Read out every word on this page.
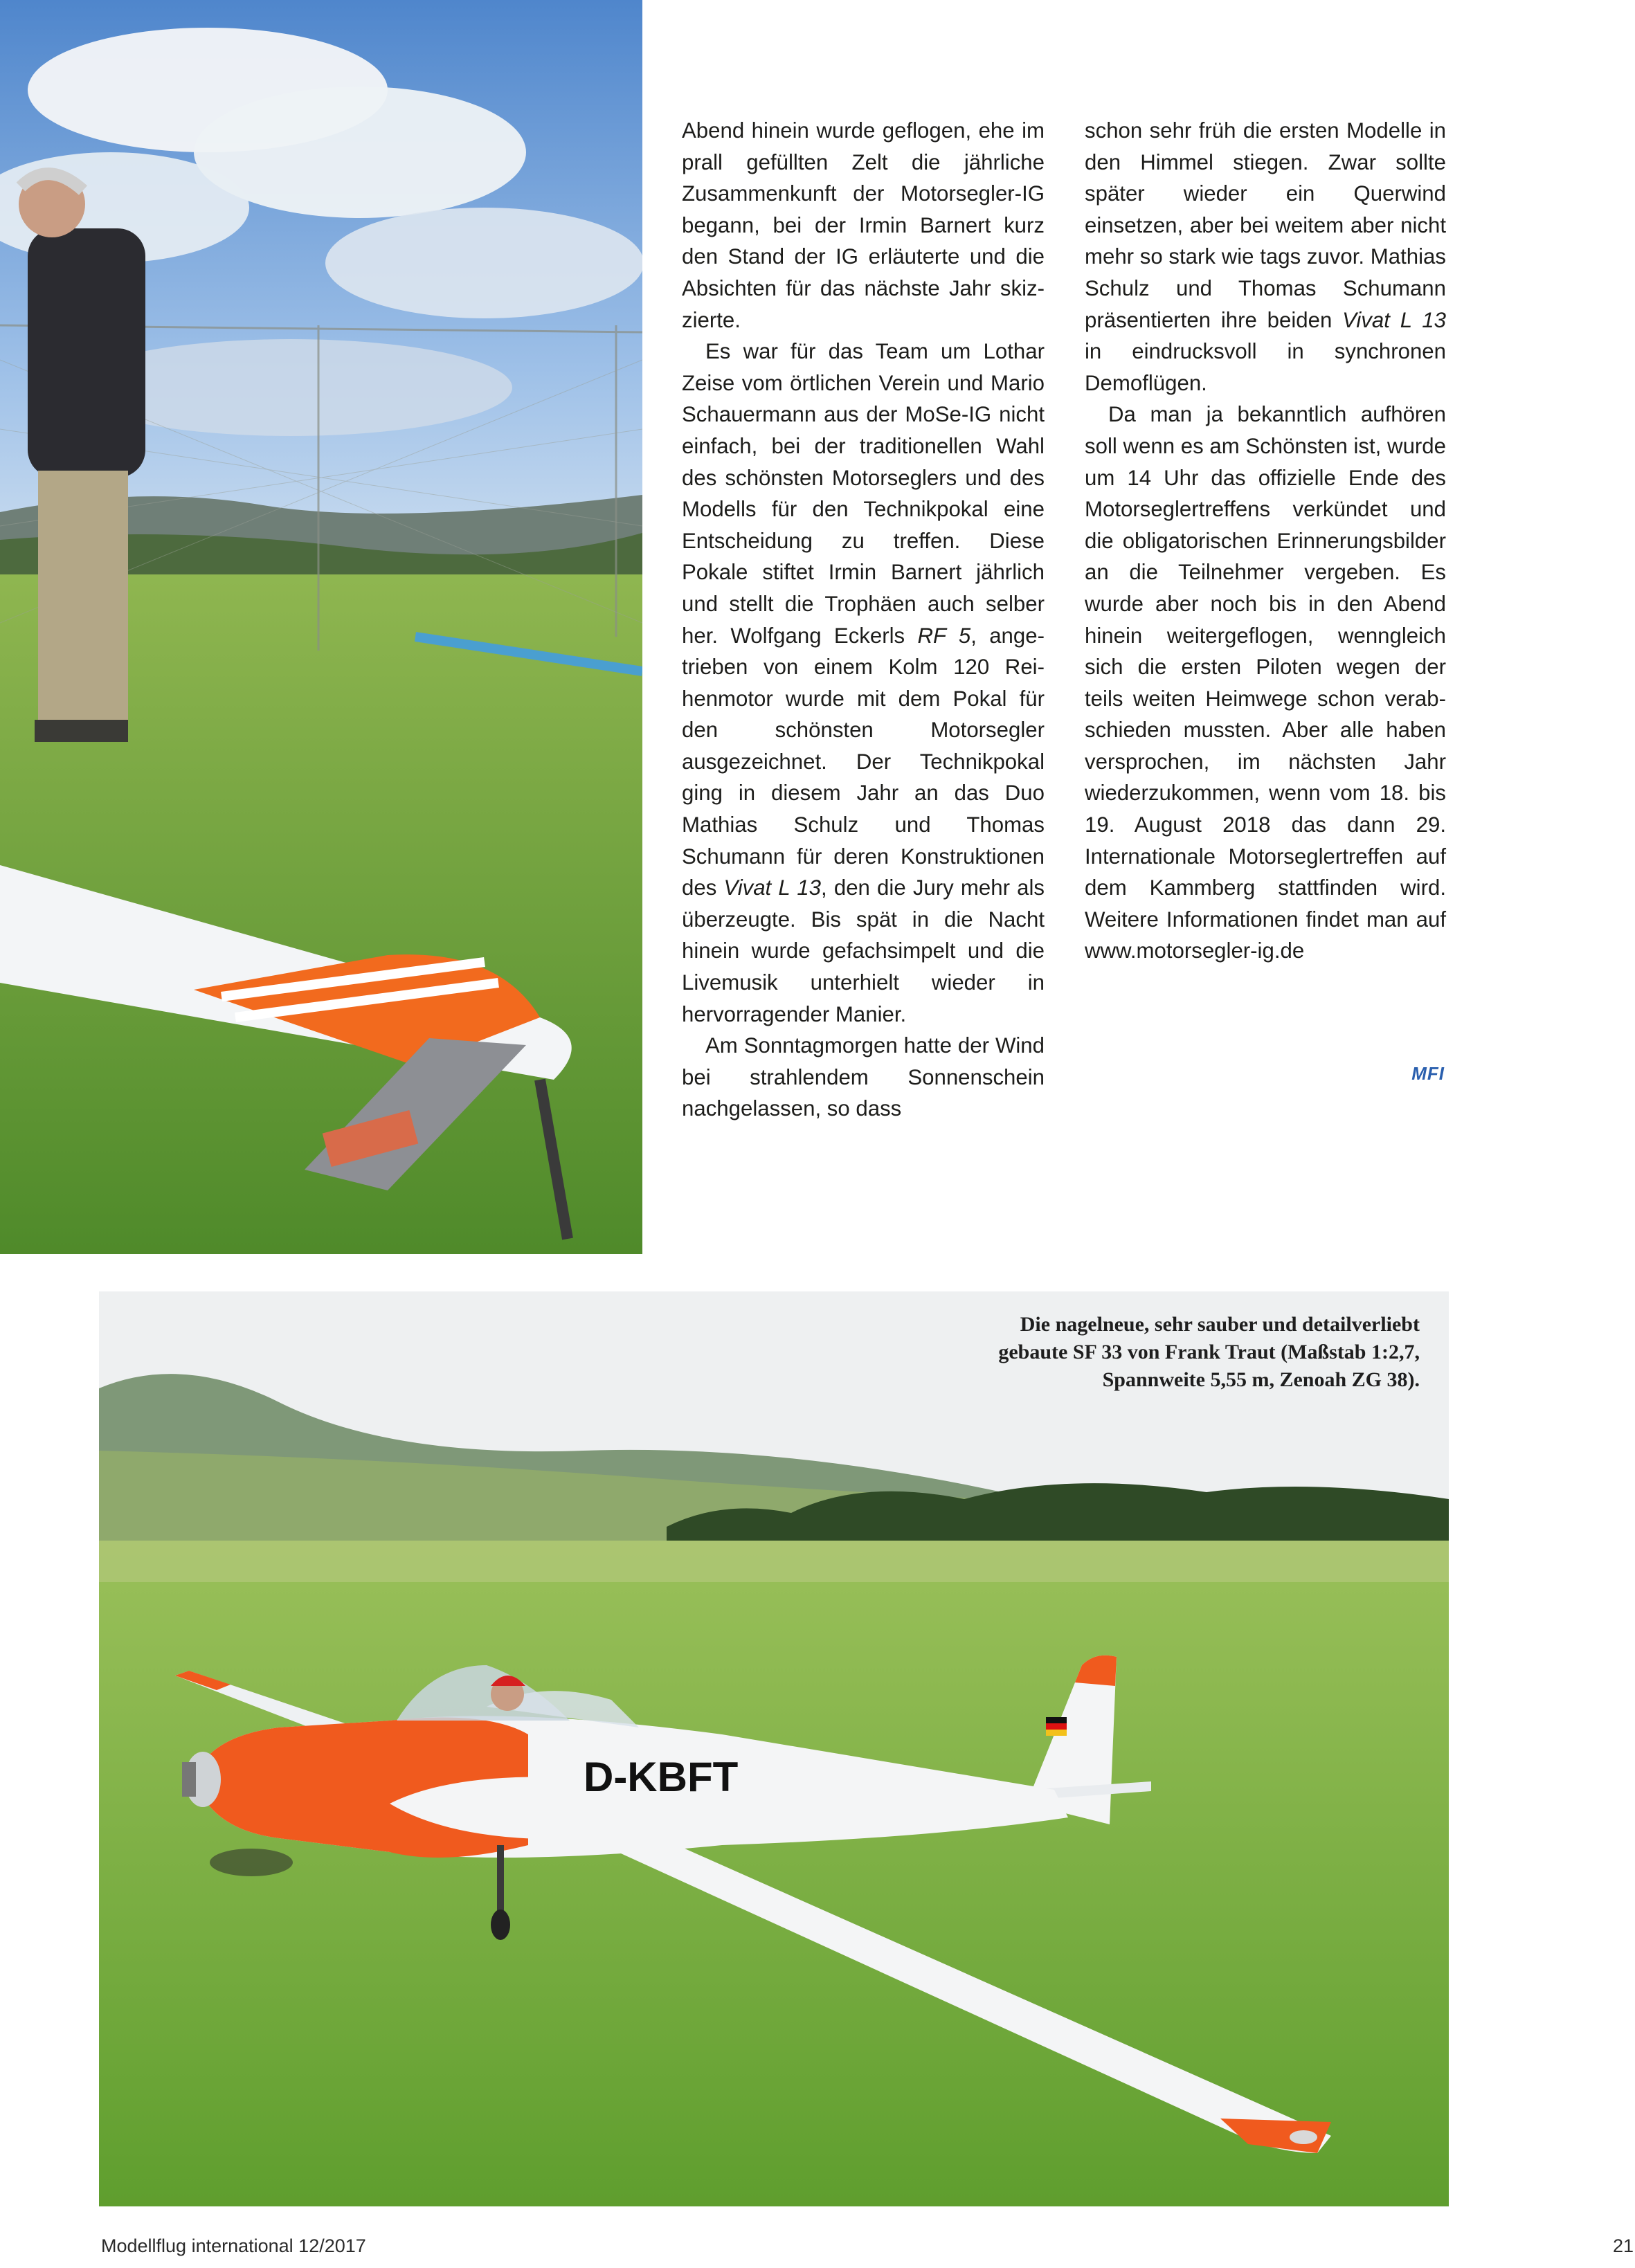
Abend hinein wurde geflogen, ehe im prall gefüllten Zelt die jährliche Zusammenkunft der Motorsegler-IG begann, bei der Irmin Barnert kurz den Stand der IG erläuterte und die Absichten für das nächste Jahr skizzierte.

Es war für das Team um Lothar Zeise vom örtlichen Verein und Mario Schauermann aus der MoSe-IG nicht einfach, bei der traditionellen Wahl des schönsten Motorseglers und des Modells für den Technikpokal eine Entscheidung zu treffen. Diese Pokale stiftet Irmin Barnert jährlich und stellt die Trophäen auch selber her. Wolfgang Eckerls RF 5, angetrieben von einem Kolm 120 Reihenmotor wurde mit dem Pokal für den schönsten Motorsegler ausgezeichnet. Der Technikpokal ging in diesem Jahr an das Duo Mathias Schulz und Thomas Schumann für deren Konstruktionen des Vivat L 13, den die Jury mehr als überzeugte. Bis spät in die Nacht hinein wurde gefachsimpelt und die Livemusik unterhielt wieder in hervorragender Manier.

Am Sonntagmorgen hatte der Wind bei strahlendem Sonnenschein nachgelassen, so dass

schon sehr früh die ersten Modelle in den Himmel stiegen. Zwar sollte später wieder ein Querwind einsetzen, aber bei weitem aber nicht mehr so stark wie tags zuvor. Mathias Schulz und Thomas Schumann präsentierten ihre beiden Vivat L 13 in eindrucksvoll in synchronen Demoflügen.

Da man ja bekanntlich aufhören soll wenn es am Schönsten ist, wurde um 14 Uhr das offizielle Ende des Motorseglertreffens verkündet und die obligatorischen Erinnerungsbilder an die Teilnehmer vergeben. Es wurde aber noch bis in den Abend hinein weitergeflogen, wenngleich sich die ersten Piloten wegen der teils weiten Heimwege schon verabschieden mussten. Aber alle haben versprochen, im nächsten Jahr wiederzukommen, wenn vom 18. bis 19. August 2018 das dann 29. Internationale Motorseglertreffen auf dem Kammberg stattfinden wird. Weitere Informationen findet man auf www.motorsegler-ig.de

MFI
D-KBFT
Die nagelneue, sehr sauber und detailverliebt
gebaute SF 33 von Frank Traut (Maßstab 1:2,7,
Spannweite 5,55 m, Zenoah ZG 38).
Modellflug international 12/2017	21
